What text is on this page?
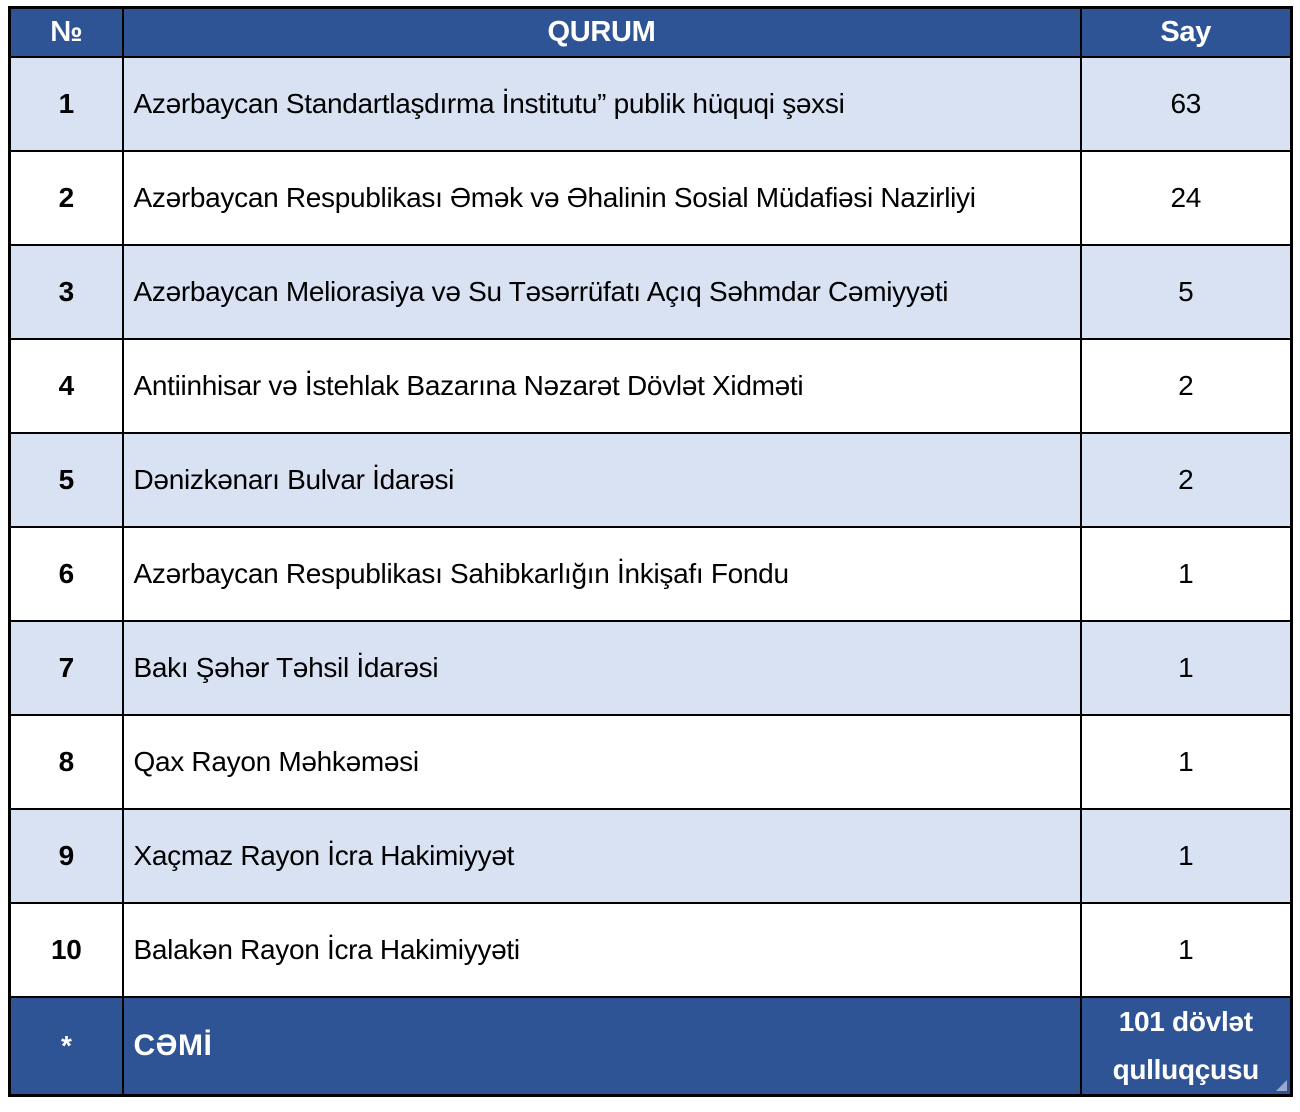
№	QURUM	Say
1	Azərbaycan Standartlaşdırma İnstitutu” publik hüquqi şəxsi	63
2	Azərbaycan Respublikası Əmək və Əhalinin Sosial Müdafiəsi Nazirliyi	24
3	Azərbaycan Meliorasiya və Su Təsərrüfatı Açıq Səhmdar Cəmiyyəti	5
4	Antiinhisar və İstehlak Bazarına Nəzarət Dövlət Xidməti	2
5	Dənizkənarı Bulvar İdarəsi	2
6	Azərbaycan Respublikası Sahibkarlığın İnkişafı Fondu	1
7	Bakı Şəhər Təhsil İdarəsi	1
8	Qax Rayon Məhkəməsi	1
9	Xaçmaz Rayon İcra Hakimiyyət	1
10	Balakən Rayon İcra Hakimiyyəti	1
*	CƏMİ	101 dövlət qulluqçusu
